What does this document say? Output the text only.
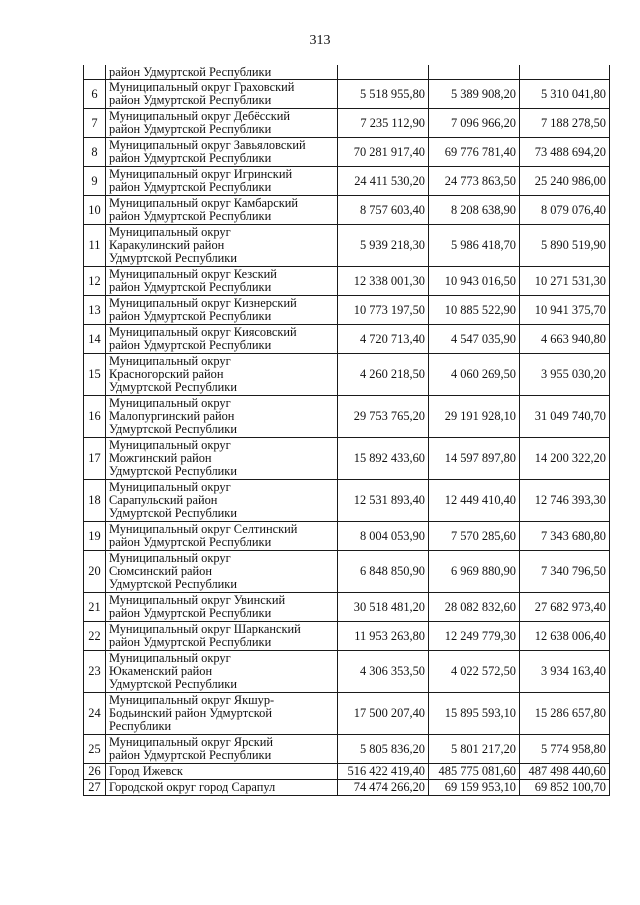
313

	район Удмуртской Республики			

6	Муниципальный округ Граховский
район Удмуртской Республики	5 518 955,80	5 389 908,20	5 310 041,80
7	Муниципальный округ Дебёсский
район Удмуртской Республики	7 235 112,90	7 096 966,20	7 188 278,50
8	Муниципальный округ Завьяловский
район Удмуртской Республики	70 281 917,40	69 776 781,40	73 488 694,20
9	Муниципальный округ Игринский
район Удмуртской Республики	24 411 530,20	24 773 863,50	25 240 986,00
10	Муниципальный округ Камбарский
район Удмуртской Республики	8 757 603,40	8 208 638,90	8 079 076,40
11	Муниципальный округ
Каракулинский район
Удмуртской Республики	5 939 218,30	5 986 418,70	5 890 519,90
12	Муниципальный округ Кезский
район Удмуртской Республики	12 338 001,30	10 943 016,50	10 271 531,30
13	Муниципальный округ Кизнерский
район Удмуртской Республики	10 773 197,50	10 885 522,90	10 941 375,70
14	Муниципальный округ Киясовский
район Удмуртской Республики	4 720 713,40	4 547 035,90	4 663 940,80
15	Муниципальный округ
Красногорский район
Удмуртской Республики	4 260 218,50	4 060 269,50	3 955 030,20
16	Муниципальный округ
Малопургинский район
Удмуртской Республики	29 753 765,20	29 191 928,10	31 049 740,70
17	Муниципальный округ
Можгинский район
Удмуртской Республики	15 892 433,60	14 597 897,80	14 200 322,20
18	Муниципальный округ
Сарапульский район
Удмуртской Республики	12 531 893,40	12 449 410,40	12 746 393,30
19	Муниципальный округ Селтинский
район Удмуртской Республики	8 004 053,90	7 570 285,60	7 343 680,80
20	Муниципальный округ
Сюмсинский район
Удмуртской Республики	6 848 850,90	6 969 880,90	7 340 796,50
21	Муниципальный округ Увинский
район Удмуртской Республики	30 518 481,20	28 082 832,60	27 682 973,40
22	Муниципальный округ Шарканский
район Удмуртской Республики	11 953 263,80	12 249 779,30	12 638 006,40
23	Муниципальный округ
Юкаменский район
Удмуртской Республики	4 306 353,50	4 022 572,50	3 934 163,40
24	Муниципальный округ Якшур-
Бодьинский район Удмуртской
Республики	17 500 207,40	15 895 593,10	15 286 657,80
25	Муниципальный округ Ярский
район Удмуртской Республики	5 805 836,20	5 801 217,20	5 774 958,80
26	Город Ижевск	516 422 419,40	485 775 081,60	487 498 440,60
27	Городской округ город Сарапул	74 474 266,20	69 159 953,10	69 852 100,70
